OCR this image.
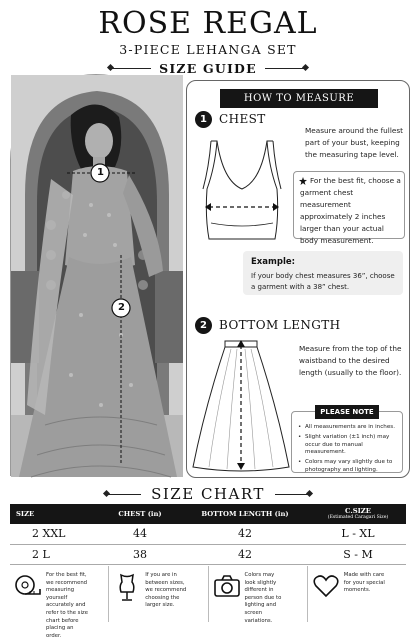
ROSE REGAL
3-PIECE LEHANGA SET
SIZE GUIDE
1
2
HOW TO MEASURE
1	CHEST
Measure around the fullest part of your bust, keeping the measuring tape level.
For the best fit, choose a garment chest measurement approximately 2 inches larger than your actual body measurement.
Example:
If your body chest measures 36”, choose a garment with a 38” chest.
2	BOTTOM LENGTH
Measure from the top of the waistband to the desired length (usually to the floor).
PLEASE NOTE
• All measurements are in inches.
• Slight variation (±1 inch) may occur due to manual measurement.
• Colors may vary slightly due to photography and lighting.
SIZE CHART
SIZE	CHEST (in)	BOTTOM LENGTH (in)	C.SIZE
(Estimated Caragari Size)

2 XXL	44	42	L - XL
2 L	38	42	S - M
For the best fit, we recommend measuring yourself accurately and refer to the size chart before placing an order.
If you are in between sizes, we recommend choosing the larger size.
Colors may look slightly different in person due to lighting and screen variations.
Made with care for your special moments.
